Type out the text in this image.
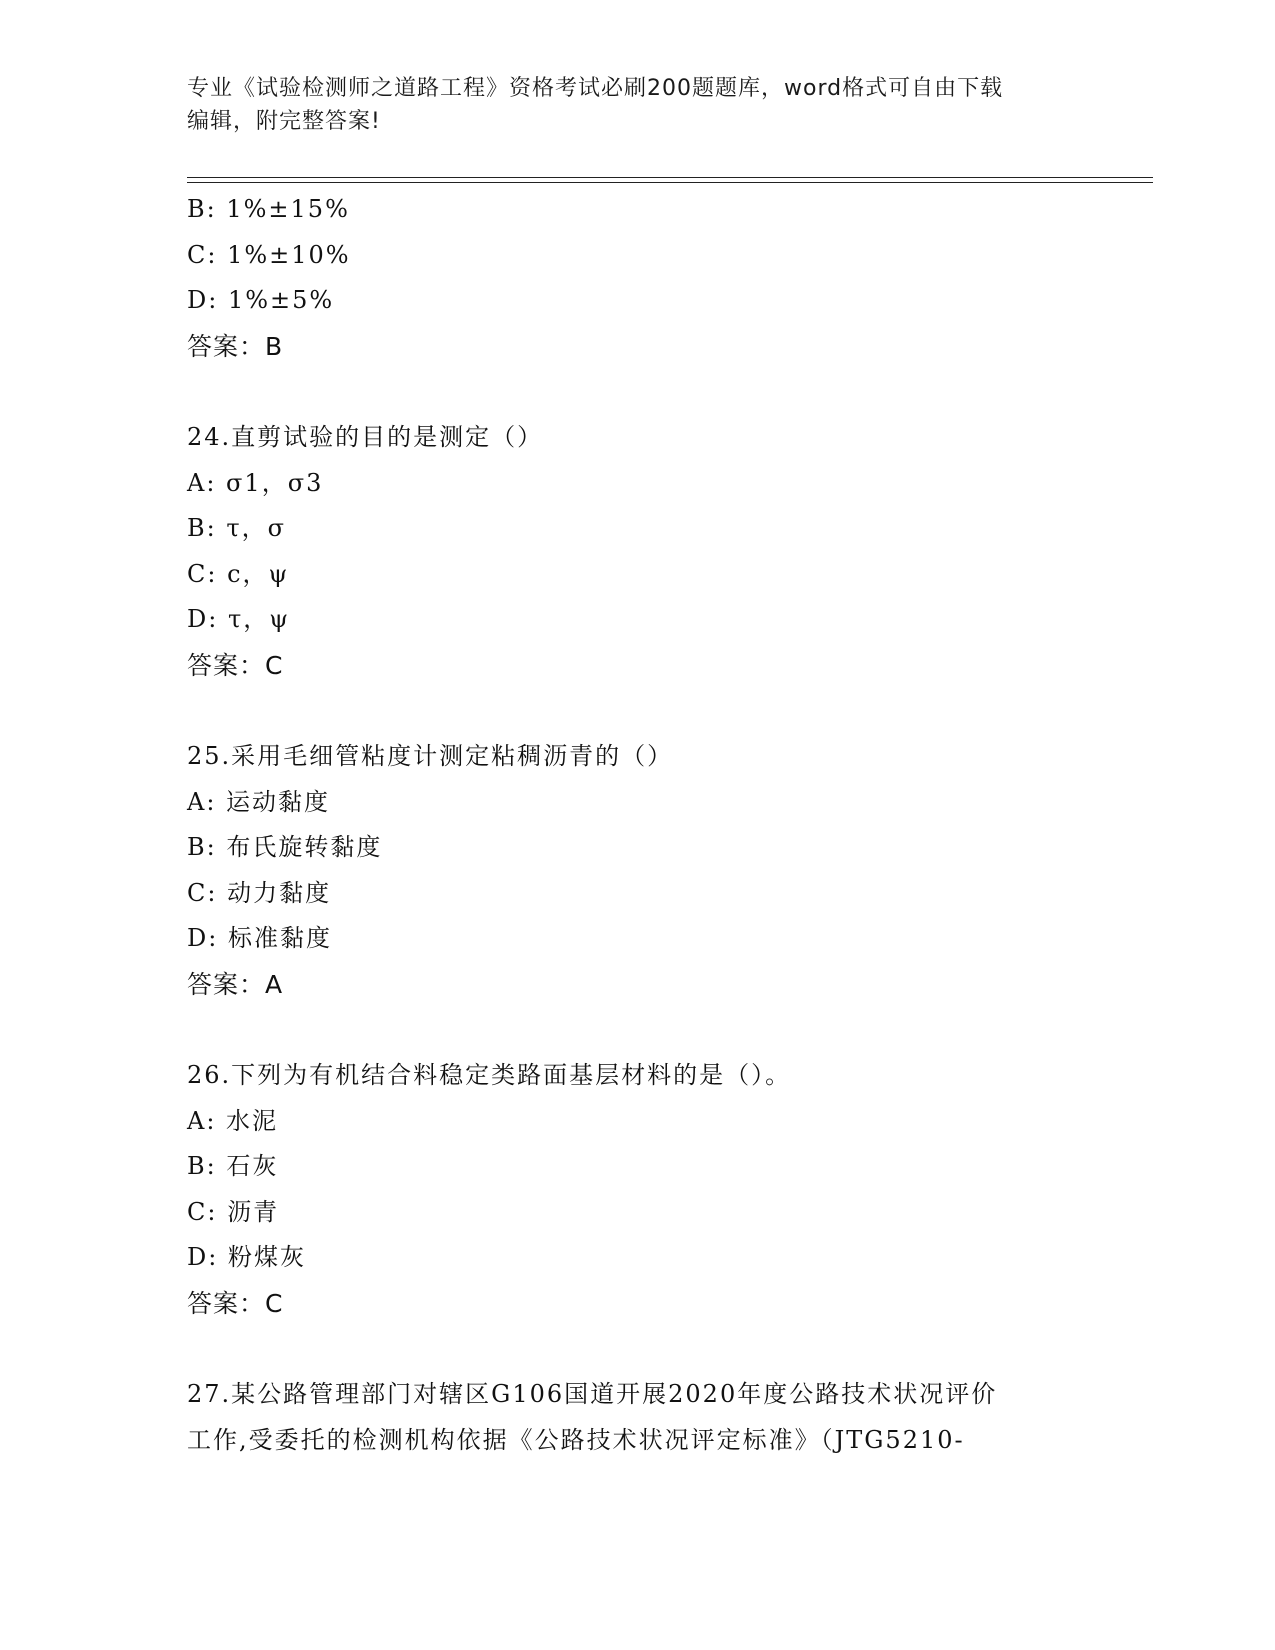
专业《试验检测师之道路工程》资格考试必刷200题题库，word格式可自由下载
编辑，附完整答案!

B: 1%±15%

C: 1%±10%

D: 1%±5%

答案：B

24.直剪试验的目的是测定（）

A: σ1，σ3

B: τ，σ

C: c，ψ

D: τ，ψ

答案：C

25.采用毛细管粘度计测定粘稠沥青的（）

A: 运动黏度

B: 布氏旋转黏度

C: 动力黏度

D: 标准黏度

答案：A

26.下列为有机结合料稳定类路面基层材料的是（）。

A: 水泥

B: 石灰

C: 沥青

D: 粉煤灰

答案：C

27.某公路管理部门对辖区G106国道开展2020年度公路技术状况评价

工作,受委托的检测机构依据《公路技术状况评定标准》（JTG5210-
